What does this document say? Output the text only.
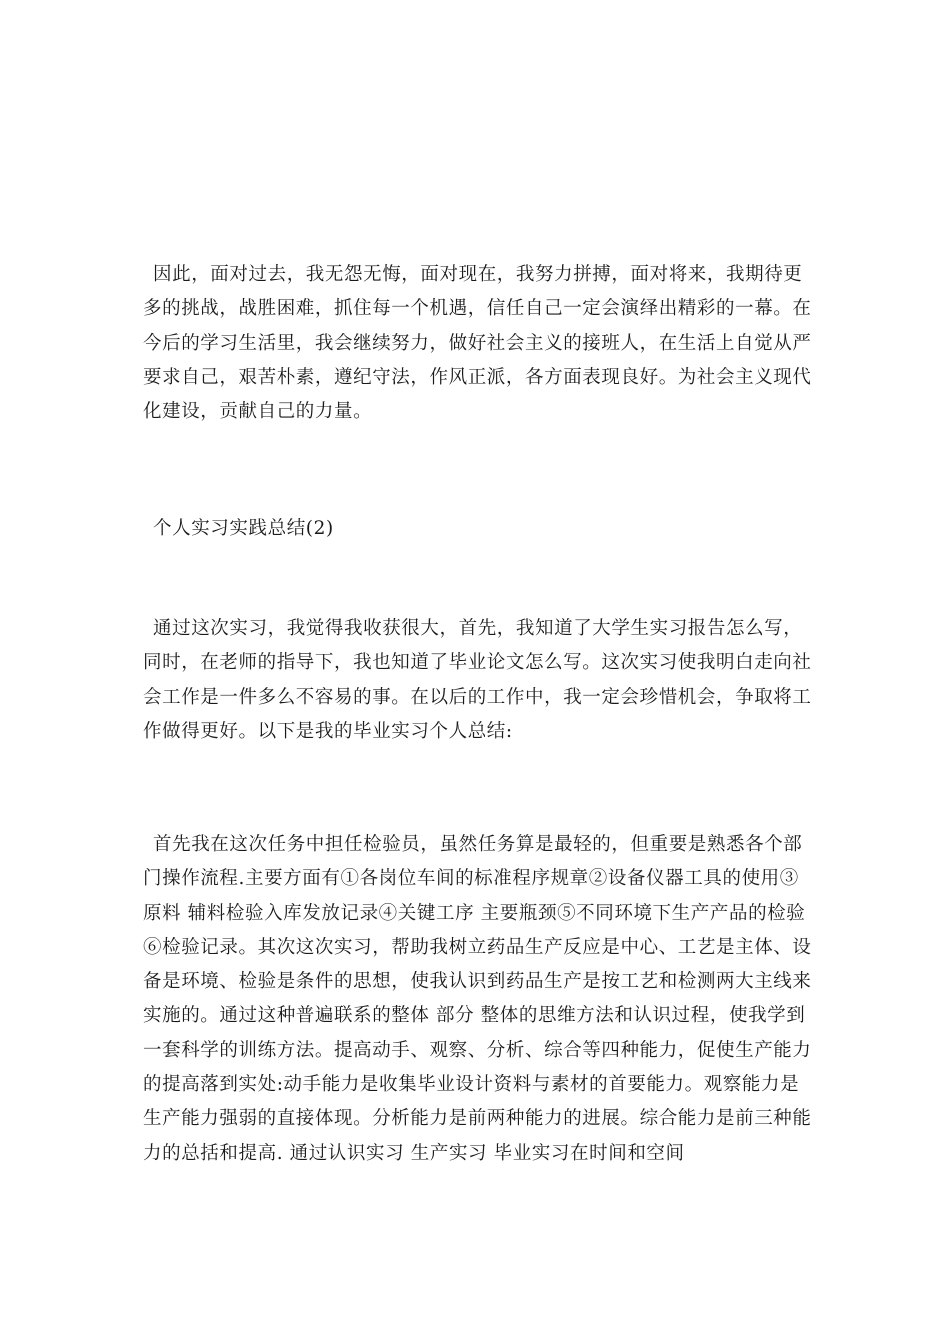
因此，面对过去，我无怨无悔，面对现在，我努力拼搏，面对将来，我期待更多的挑战，战胜困难，抓住每一个机遇，信任自己一定会演绎出精彩的一幕。在今后的学习生活里，我会继续努力，做好社会主义的接班人，在生活上自觉从严要求自己，艰苦朴素，遵纪守法，作风正派，各方面表现良好。为社会主义现代化建设，贡献自己的力量。

个人实习实践总结(2)

通过这次实习，我觉得我收获很大，首先，我知道了大学生实习报告怎么写，同时，在老师的指导下，我也知道了毕业论文怎么写。这次实习使我明白走向社会工作是一件多么不容易的事。在以后的工作中，我一定会珍惜机会，争取将工作做得更好。以下是我的毕业实习个人总结:

首先我在这次任务中担任检验员，虽然任务算是最轻的，但重要是熟悉各个部门操作流程.主要方面有①各岗位车间的标准程序规章②设备仪器工具的使用③原料 辅料检验入库发放记录④关键工序 主要瓶颈⑤不同环境下生产产品的检验⑥检验记录。其次这次实习，帮助我树立药品生产反应是中心、工艺是主体、设备是环境、检验是条件的思想，使我认识到药品生产是按工艺和检测两大主线来实施的。通过这种普遍联系的整体 部分 整体的思维方法和认识过程，使我学到一套科学的训练方法。提高动手、观察、分析、综合等四种能力，促使生产能力的提高落到实处:动手能力是收集毕业设计资料与素材的首要能力。观察能力是生产能力强弱的直接体现。分析能力是前两种能力的进展。综合能力是前三种能力的总括和提高. 通过认识实习 生产实习 毕业实习在时间和空间
